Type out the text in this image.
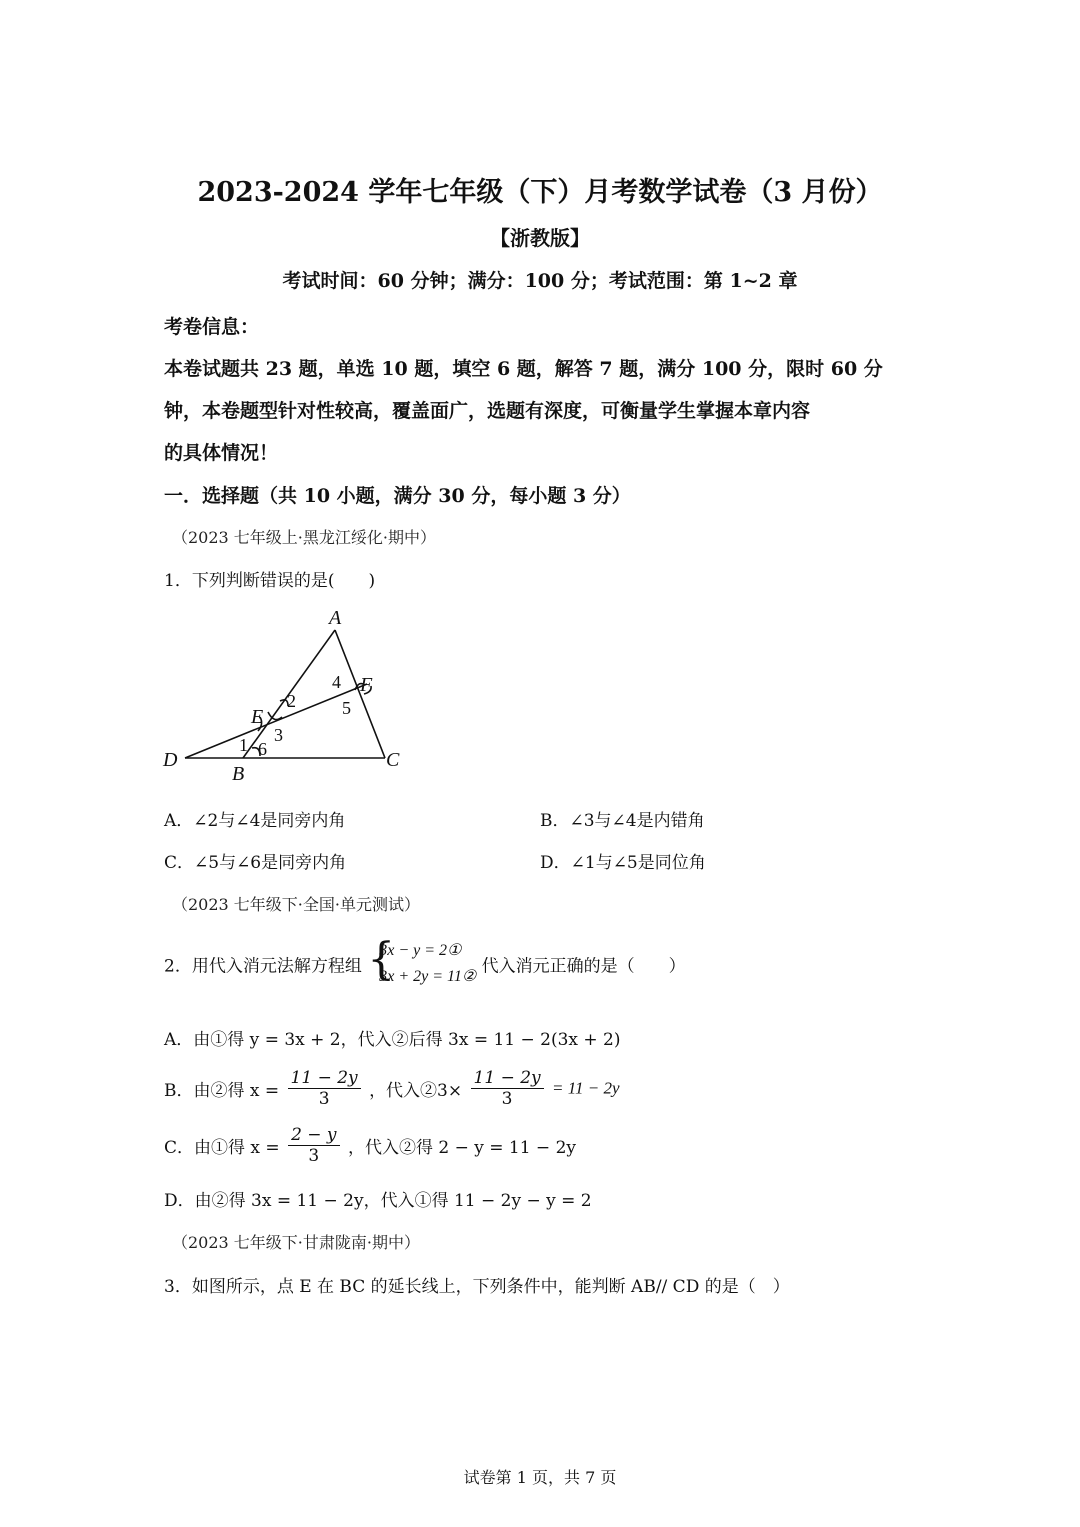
2023-2024 学年七年级（下）月考数学试卷（3 月份）
【浙教版】
考试时间：60 分钟；满分：100 分；考试范围：第 1~2 章
考卷信息：
本卷试题共 23 题，单选 10 题，填空 6 题，解答 7 题，满分 100 分，限时 60 分
钟，本卷题型针对性较高，覆盖面广，选题有深度，可衡量学生掌握本章内容
的具体情况！
一．选择题（共 10 小题，满分 30 分，每小题 3 分）
（2023 七年级上·黑龙江绥化·期中）
1．下列判断错误的是(　　)
A
F
E
D
B
C
4
5
2
3
1 6
A．∠2与∠4是同旁内角	B．∠3与∠4是内错角
C．∠5与∠6是同旁内角	D．∠1与∠5是同位角
（2023 七年级下·全国·单元测试）
2．用代入消元法解方程组 {
3x − y = 2①
3x + 2y = 11② 代入消元正确的是（　　）
A．由①得 y = 3x + 2，代入②后得 3x = 11 − 2(3x + 2)
B．由②得 $x = \frac{11 - 2y}{3}$ ，代入②3× $\frac{11 - 2y}{3} = 11 - 2y$
C．由①得 $x = \frac{2 - y}{3}$ ，代入②得 2 − y = 11 − 2y
D．由②得 3x = 11 − 2y，代入①得 11 − 2y − y = 2
（2023 七年级下·甘肃陇南·期中）
3．如图所示，点 E 在 BC 的延长线上，下列条件中，能判断 AB// CD 的是（　）
试卷第 1 页，共 7 页
